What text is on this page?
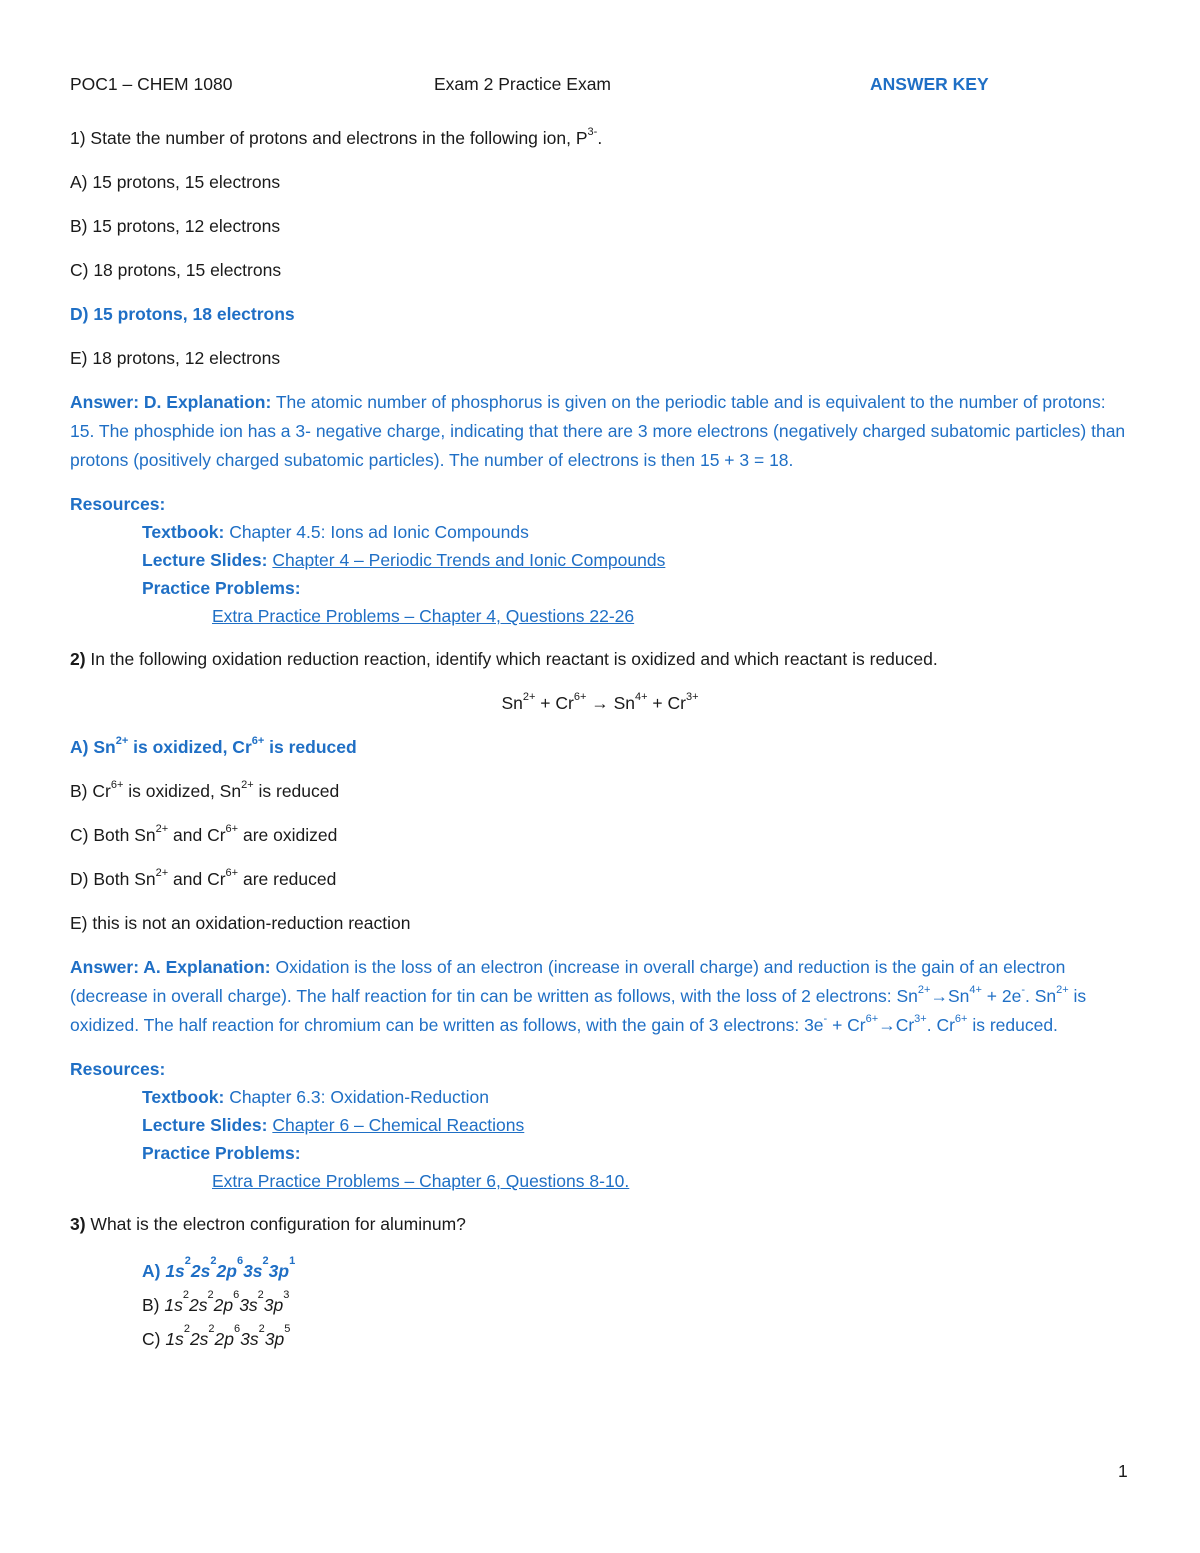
POC1 – CHEM 1080	Exam 2 Practice Exam	ANSWER KEY

1) State the number of protons and electrons in the following ion, $P^{3-}$.

A) 15 protons, 15 electrons

B) 15 protons, 12 electrons

C) 18 protons, 15 electrons

D) 15 protons, 18 electrons

E) 18 protons, 12 electrons

Answer: D. Explanation: The atomic number of phosphorus is given on the periodic table and is equivalent to the number of protons: 15. The phosphide ion has a 3- negative charge, indicating that there are 3 more electrons (negatively charged subatomic particles) than protons (positively charged subatomic particles). The number of electrons is then 15 + 3 = 18.

Resources:

Textbook: Chapter 4.5: Ions ad Ionic Compounds

Lecture Slides: Chapter 4 – Periodic Trends and Ionic Compounds

Practice Problems:

Extra Practice Problems – Chapter 4, Questions 22-26

2) In the following oxidation reduction reaction, identify which reactant is oxidized and which reactant is reduced.

$Sn^{2+} + Cr^{6+} \to Sn^{4+} + Cr^{3+}$

A) $Sn^{2+}$ is oxidized, $Cr^{6+}$ is reduced

B) $Cr^{6+}$ is oxidized, $Sn^{2+}$ is reduced

C) Both $Sn^{2+}$ and $Cr^{6+}$ are oxidized

D) Both $Sn^{2+}$ and $Cr^{6+}$ are reduced

E) this is not an oxidation-reduction reaction

Answer: A. Explanation: Oxidation is the loss of an electron (increase in overall charge) and reduction is the gain of an electron (decrease in overall charge). The half reaction for tin can be written as follows, with the loss of 2 electrons: $Sn^{2+}\to Sn^{4+} + 2e^-$. $Sn^{2+}$ is oxidized. The half reaction for chromium can be written as follows, with the gain of 3 electrons: $3e^- + Cr^{6+}\to Cr^{3+}$. $Cr^{6+}$ is reduced.

Resources:

Textbook: Chapter 6.3: Oxidation-Reduction

Lecture Slides: Chapter 6 – Chemical Reactions

Practice Problems:

Extra Practice Problems – Chapter 6, Questions 8-10.

3) What is the electron configuration for aluminum?

A) $1s^22s^22p^63s^23p^1$

B) $1s^22s^22p^63s^23p^3$

C) $1s^22s^22p^63s^23p^5$

1
